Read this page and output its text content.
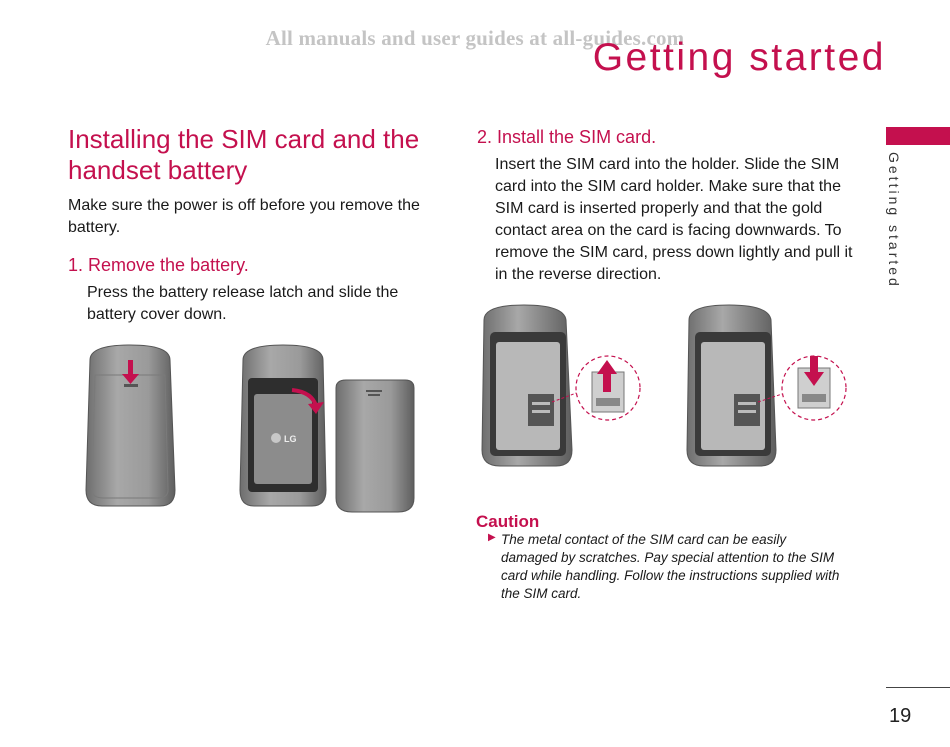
All manuals and user guides at all-guides.com
Getting started
Getting started
Installing the SIM card and the handset battery
Make sure the power is off before you remove the battery.
1. Remove the battery.
Press the battery release latch and slide the battery cover down.
2. Install the SIM card.
Insert the SIM card into the holder. Slide the SIM card into the SIM card holder. Make sure that the SIM card is inserted properly and that the gold contact area on the card is facing downwards. To remove the SIM card, press down lightly and pull it in the reverse direction.
LG
Caution
▶ The metal contact of the SIM card can be easily damaged by scratches. Pay special attention to the SIM card while handling. Follow the instructions supplied with the SIM card.
19
